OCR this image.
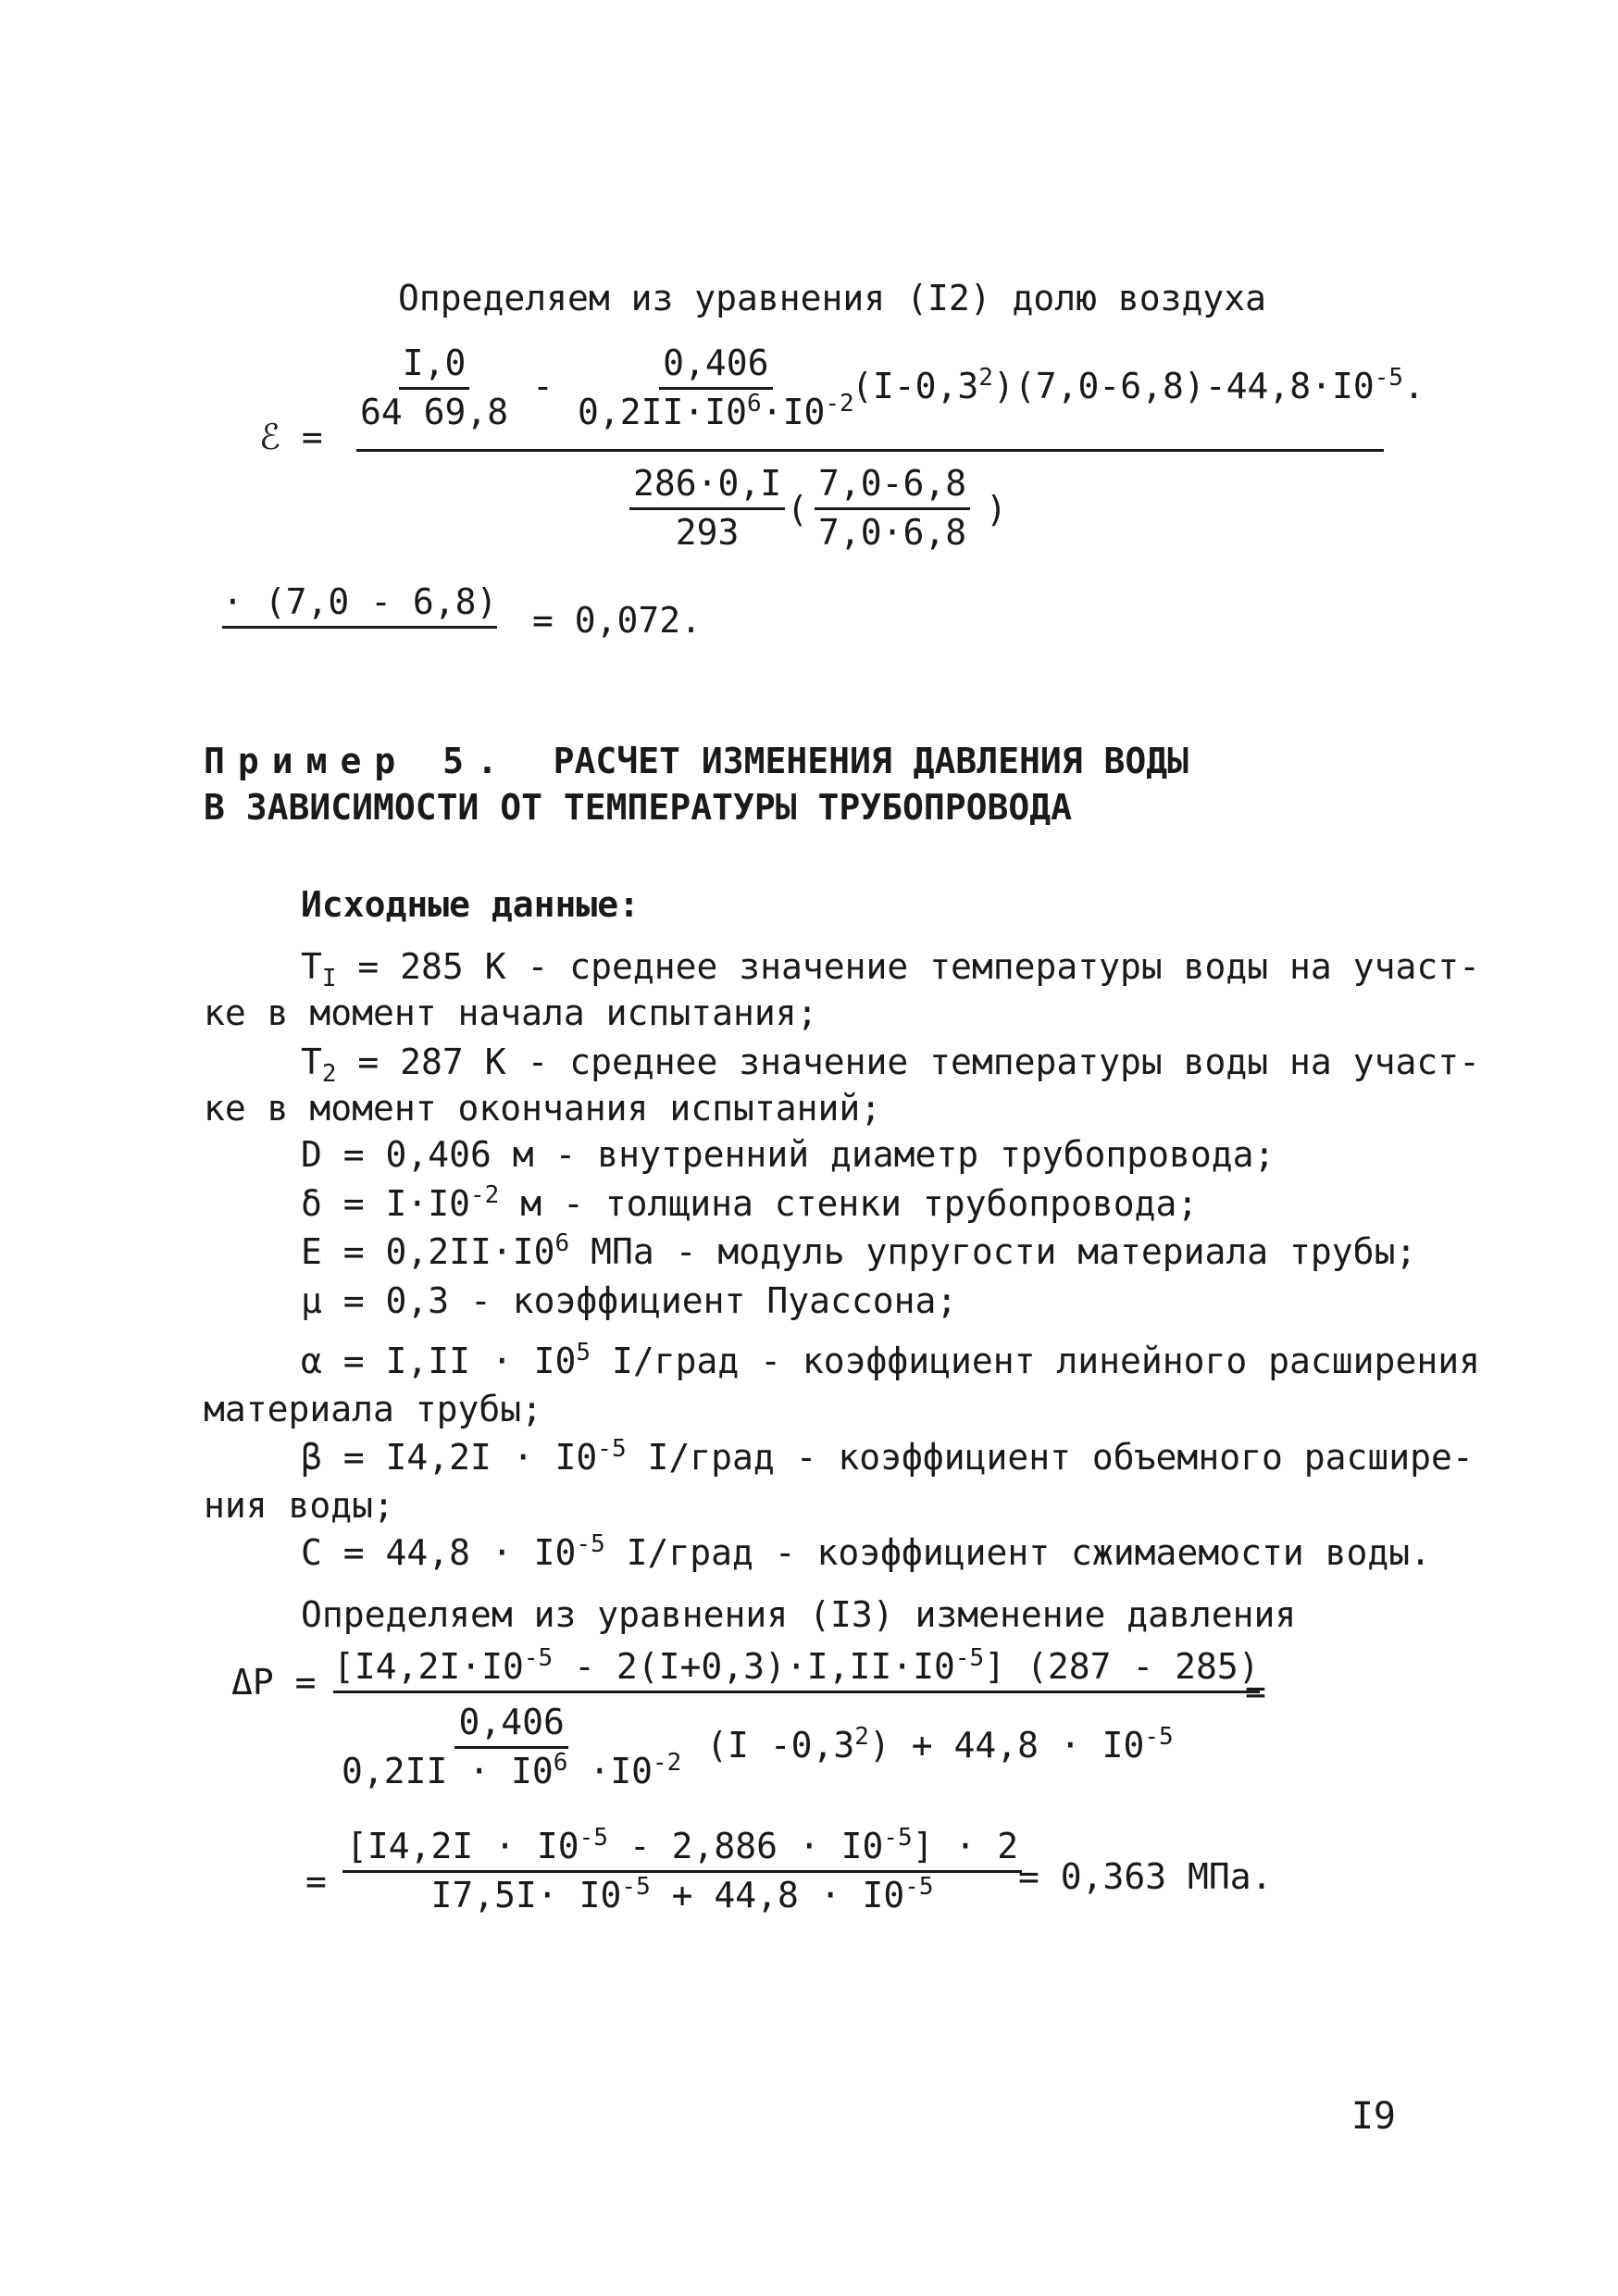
Определяем из уравнения (I2) долю воздуха
ℰ =
$\frac{I,0}{64 69,8} - \frac{0,406}{0,2II\cdot I0^6\cdot I0^{-2}}$
$(I-0,3^2)(7,0-6,8)-44,8\cdot I0^{-5}$.
$\frac{286\cdot 0,I}{293}$ ( $\frac{7,0-6,8}{7,0\cdot 6,8}$ )
· (7,0 - 6,8) = 0,072.
Пример 5. РАСЧЕТ ИЗМЕНЕНИЯ ДАВЛЕНИЯ ВОДЫ
В ЗАВИСИМОСТИ ОТ ТЕМПЕРАТУРЫ ТРУБОПРОВОДА
Исходные данные:
$T_I = 285$ К - среднее значение температуры воды на участ-
ке в момент начала испытания;
$T_2 = 287$ К - среднее значение температуры воды на участ-
ке в момент окончания испытаний;
D = 0,406 м - внутренний диаметр трубопровода;
$\delta = I\cdot I0^{-2}$ м - толщина стенки трубопровода;
$E = 0,2II\cdot I0^6$ МПа - модуль упругости материала трубы;
μ = 0,3 - коэффициент Пуассона;
$\alpha = I,II \cdot I0^5$ I/град - коэффициент линейного расширения
материала трубы;
$\beta = I4,2I \cdot I0^{-5}$ I/град - коэффициент объемного расшире-
ния воды;
$C = 44,8 \cdot I0^{-5}$ I/град - коэффициент сжимаемости воды.
Определяем из уравнения (I3) изменение давления
$\Delta P = [I4,2I\cdot I0^{-5} - 2(I+0,3)\cdot I,II\cdot I0^{-5}]$ (287 - 285)
=
$\frac{0,406}{0,2II \cdot I0^6 \cdot I0^{-2}} (I$ $-0,3^2) + 44,8 \cdot I0^{-5}$
= $\frac{[I4,2I \cdot I0^{-5} - 2,886 \cdot I0^{-5}] \cdot 2}{I7,5I\cdot I0^{-5} + 44,8 \cdot I0^{-5}}$
= 0,363 МПа.
I9
